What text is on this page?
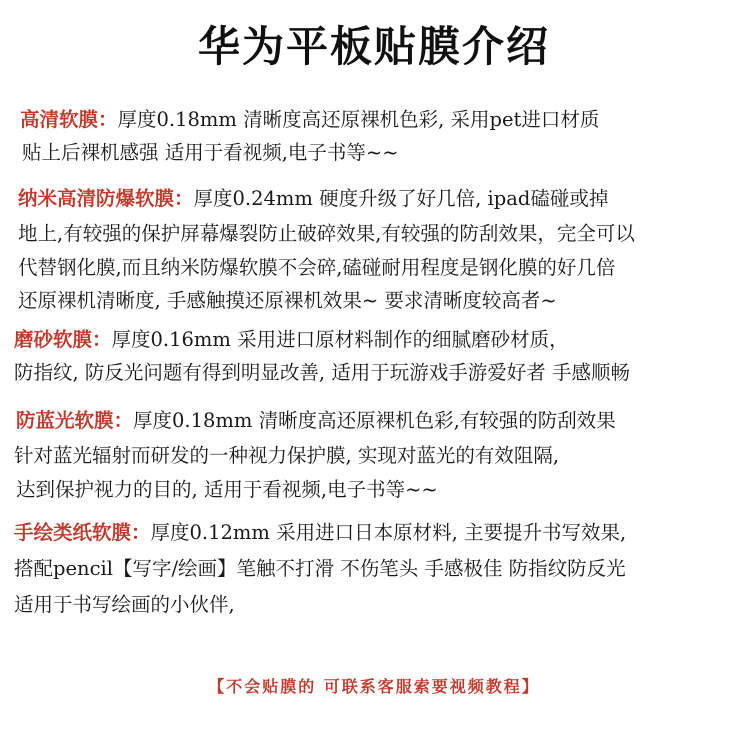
华为平板贴膜介绍
高清软膜：厚度0.18mm 清晰度高还原裸机色彩, 采用pet进口材质
贴上后裸机感强 适用于看视频,电子书等~~
纳米高清防爆软膜：厚度0.24mm 硬度升级了好几倍, ipad磕碰或掉
地上,有较强的保护屏幕爆裂防止破碎效果,有较强的防刮效果，完全可以
代替钢化膜,而且纳米防爆软膜不会碎,磕碰耐用程度是钢化膜的好几倍
还原裸机清晰度, 手感触摸还原裸机效果~ 要求清晰度较高者~
磨砂软膜：厚度0.16mm 采用进口原材料制作的细腻磨砂材质，
防指纹, 防反光问题有得到明显改善, 适用于玩游戏手游爱好者 手感顺畅
防蓝光软膜：厚度0.18mm 清晰度高还原裸机色彩,有较强的防刮效果
针对蓝光辐射而研发的一种视力保护膜, 实现对蓝光的有效阻隔,
达到保护视力的目的, 适用于看视频,电子书等~~
手绘类纸软膜：厚度0.12mm 采用进口日本原材料, 主要提升书写效果,
搭配pencil【写字/绘画】笔触不打滑 不伤笔头 手感极佳 防指纹防反光
适用于书写绘画的小伙伴,
【不会贴膜的 可联系客服索要视频教程】
